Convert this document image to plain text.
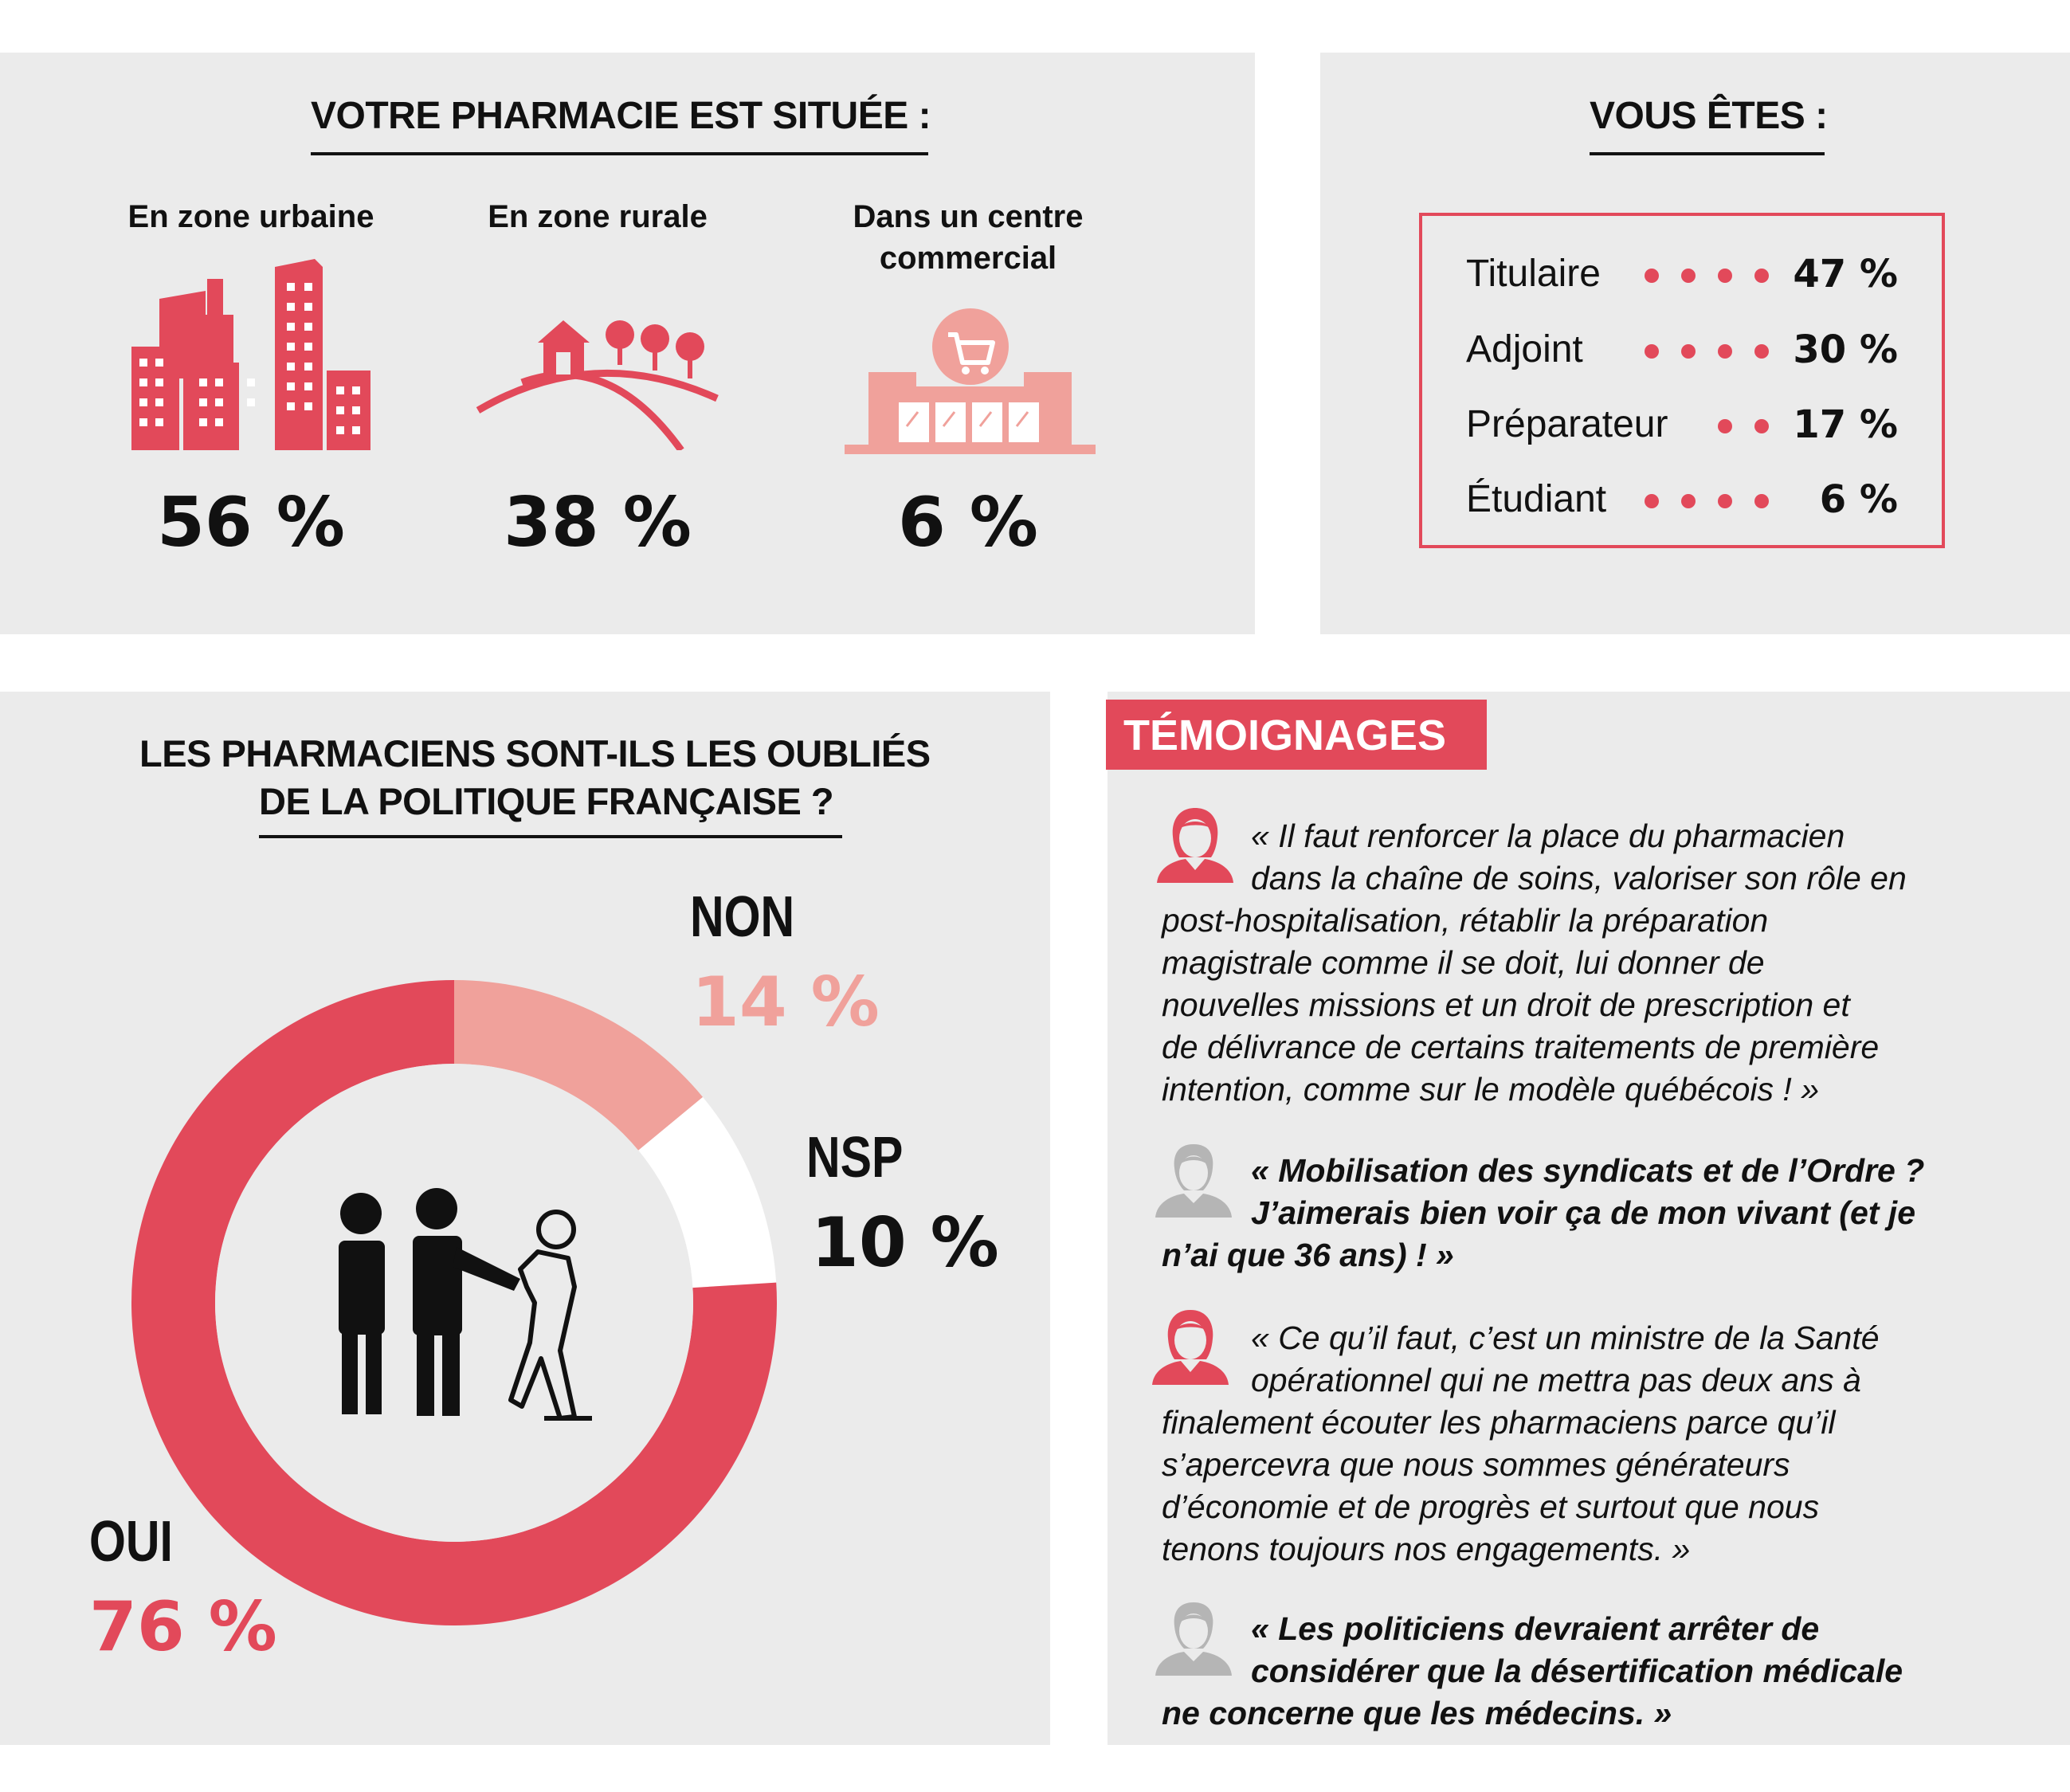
VOTRE PHARMACIE EST SITUÉE :
En zone urbaine	En zone rurale	Dans un centre commercial
56 %	38 %	6 %
VOUS ÊTES :
Titulaire	47 %
Adjoint	30 %
Préparateur	17 %
Étudiant	6 %
LES PHARMACIENS SONT-ILS LES OUBLIÉS
DE LA POLITIQUE FRANÇAISE ?
NON
14 %
NSP
10 %
OUI
76 %
TÉMOIGNAGES
« Il faut renforcer la place du pharmacien
dans la chaîne de soins, valoriser son rôle en
post-hospitalisation, rétablir la préparation
magistrale comme il se doit, lui donner de
nouvelles missions et un droit de prescription et
de délivrance de certains traitements de première
intention, comme sur le modèle québécois ! »
« Mobilisation des syndicats et de l’Ordre ?
J’aimerais bien voir ça de mon vivant (et je
n’ai que 36 ans) ! »
« Ce qu’il faut, c’est un ministre de la Santé
opérationnel qui ne mettra pas deux ans à
finalement écouter les pharmaciens parce qu’il
s’apercevra que nous sommes générateurs
d’économie et de progrès et surtout que nous
tenons toujours nos engagements. »
« Les politiciens devraient arrêter de
considérer que la désertification médicale
ne concerne que les médecins. »
